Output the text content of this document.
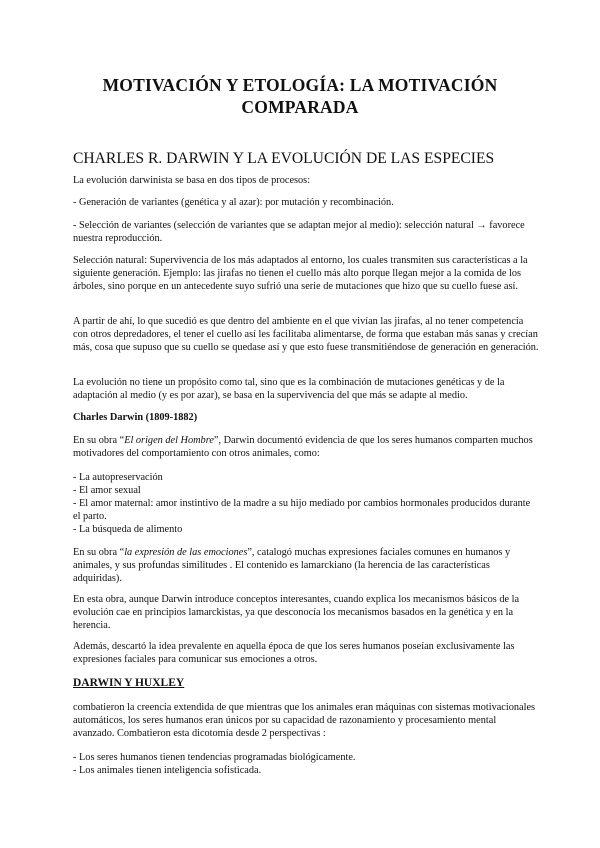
MOTIVACIÓN Y ETOLOGÍA: LA MOTIVACIÓN
COMPARADA
CHARLES R. DARWIN Y LA EVOLUCIÓN DE LAS ESPECIES

La evolución darwinista se basa en dos tipos de procesos:

- Generación de variantes (genética y al azar): por mutación y recombinación.

- Selección de variantes (selección de variantes que se adaptan mejor al medio): selección natural → favorece nuestra reproducción.

Selección natural: Supervivencia de los más adaptados al entorno, los cuales transmiten sus características a la siguiente generación. Ejemplo: las jirafas no tienen el cuello más alto porque llegan mejor a la comida de los árboles, sino porque en un antecedente suyo sufrió una serie de mutaciones que hizo que su cuello fuese así.

A partir de ahí, lo que sucedió es que dentro del ambiente en el que vivían las jirafas, al no tener competencia con otros depredadores, el tener el cuello así les facilitaba alimentarse, de forma que estaban más sanas y crecían más, cosa que supuso que su cuello se quedase así y que esto fuese transmitiéndose de generación en generación.

La evolución no tiene un propósito como tal, sino que es la combinación de mutaciones genéticas y de la adaptación al medio (y es por azar), se basa en la supervivencia del que más se adapte al medio.

Charles Darwin (1809-1882)

En su obra “El origen del Hombre”, Darwin documentó evidencia de que los seres humanos comparten muchos motivadores del comportamiento con otros animales, como:

- La autopreservación
- El amor sexual
- El amor maternal: amor instintivo de la madre a su hijo mediado por cambios hormonales producidos durante el parto.
- La búsqueda de alimento

En su obra “la expresión de las emociones”, catalogó muchas expresiones faciales comunes en humanos y animales, y sus profundas similitudes . El contenido es lamarckiano (la herencia de las características adquiridas).

En esta obra, aunque Darwin introduce conceptos interesantes, cuando explica los mecanismos básicos de la evolución cae en principios lamarckistas, ya que desconocía los mecanismos basados en la genética y en la herencia.

Además, descartó la idea prevalente en aquella época de que los seres humanos poseían exclusivamente las expresiones faciales para comunicar sus emociones a otros.

DARWIN Y HUXLEY

combatieron la creencia extendida de que mientras que los animales eran máquinas con sistemas motivacionales automáticos, los seres humanos eran únicos por su capacidad de razonamiento y procesamiento mental avanzado. Combatieron esta dicotomía desde 2 perspectivas :

- Los seres humanos tienen tendencias programadas biológicamente.
- Los animales tienen inteligencia sofisticada.
